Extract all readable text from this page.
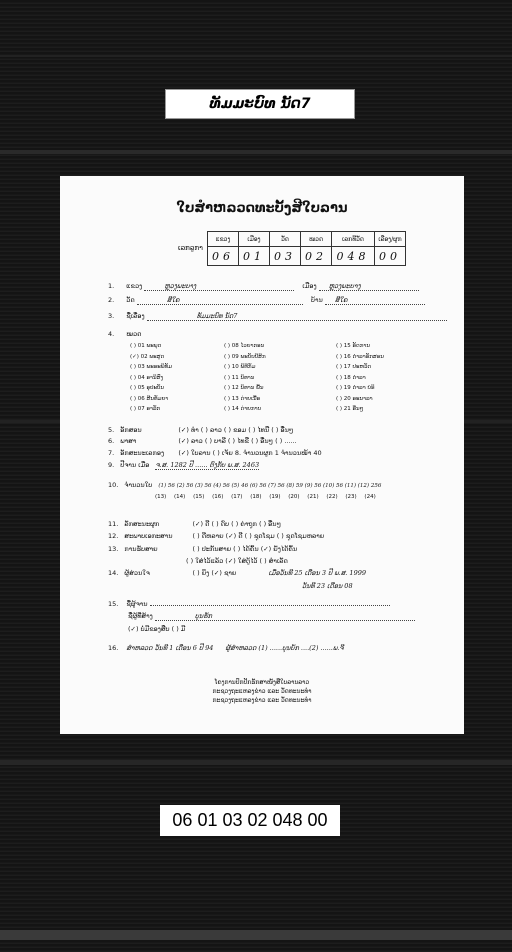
ທັມມະບົທ ນັດ7
ໃບສຳຫລວດທະບັ້ງສີໃບລານ
ເລກລູກາ
ແຂວງ	ເມືອງ	ວັດ	ໝວດ	ເລກທີວັດ	ເລືອງ/ຜູກ
06	01	03	02	048	00
1. ແຂວງ	ຫຼວງພະບາງ	ເມືອງ ຫຼວງພະບາງ
2. ວັດ	ສີໃຄ	ບ້ານ ສີໃຄ
3. ຊື່ເລື່ອງ	ທັມມະບົທ ນັດ7
4. ໝວດ
( ) 01 ພະພຸດ
(✓) 02 ພະສູດ
( ) 03 ພະອະພິທັມ
( ) 04 ອານິສົງ
( ) 05 ອຸປະບັນ
( ) 06 ສີນທັມຍາ
( ) 07 ອາລັກ
( ) 08 ໄວຍາກອນ
( ) 09 ພະບັບບີສິກ
( ) 10 ພິທີກັມ
( ) 11 ນິທານ
( ) 12 ນິທານ ພື້ນ
( ) 13 ດ່າຍເນື້ອ
( ) 14 ດ່າຍກາບ
( ) 15 ອັດການ
( ) 16 ດໍາລາອັກສອນ
( ) 17 ປະຫວັດ
( ) 18 ດໍາລາ
( ) 19 ດໍາລາ ບໍຣິ
( ) 20 ອະນາລາ
( ) 21 ອື່ນໆ
5. ອັກສອນ	(✓) ທຳ ( ) ລາວ ( ) ຂອມ ( ) ໄທນື ( ) ອື່ນໆ
6. ພາສາ	(✓) ລາວ ( ) ບາລີ ( ) ໄທຂື ( ) ອື່ນໆ ( ) ......
7. ອັກສະນະເລກອງ (✓) ໃບລານ ( ) ເຈ້ຍ 8. ຈຳນວນຜູກ 1 ຈຳນວນໜ້າ 40
9. ປີຈານ ເມື່ອ ຈ.ສ. 1282 ປີ ...... ຕົງກັບ ພ.ສ. 2463
10. ຈຳນວນໃບ (1) 56 (2) 56 (3) 56 (4) 56 (5) 46 (6) 56 (7) 56 (8) 59 (9) 56 (10) 56 (11) (12) 256
(13) (14) (15) (16) (17) (18) (19) (20) (21) (22) (23) (24)
11. ລັກສະນະຜູກ	(✓) ດີ ( ) ດົບ ( ) ຄ່າຖຸກ ( ) ອື່ນໆ
12. ສະພາບເອກະສານ	( ) ດີຫລາຍ (✓) ດີ ( ) ຊຸດໂຊມ ( ) ຊຸດໂຊມຫລາຍ
13. ການຮັບສາຍ	( ) ປະກັນສາຍ ( ) ໄດ້ຄົ້ນ (✓) ຍັງໄດ້ຄົ້ນ
( ) ໃສ່ໄວ້ແລ້ວ (✓) ໃສ່ຕູ້ໄວ້ ( ) ສຳເລັດ
14. ຜູ້ສ່ວນໃຈ	( ) ຍິງ (✓) ຊາຍ	ເມື່ອວັນທີ 25 ເດືອນ 3 ປີ ພ.ສ. 1999
ວັນທີ 23 ເດືອນ 08
15. ຊື່ຜູ້ຈານ
ຊື່ຜູ້ທີ່ສ້າງ	ບຸນຮັກ
(✓) ບໍ່ມີຂອງສືບ ( ) ມີ
16. ສຳຫລວດ ວັນທີ 1 ເດືອນ 6 ປີ 94 ຜູ້ສຳຫລວດ (1) ......ບຸນບັກ ....(2) ......ພ.ຈີ
ໂຄງການປົກປັກຮັກສາໜັງສືໃບລານລາວ
ກະຊວງຖະແຫລງຂ່າວ ແລະ ວັດທະນະທຳ
ກະຊວງຖະແຫລງຂ່າວ ແລະ ວັດທະນະທຳ
06 01 03 02 048 00
